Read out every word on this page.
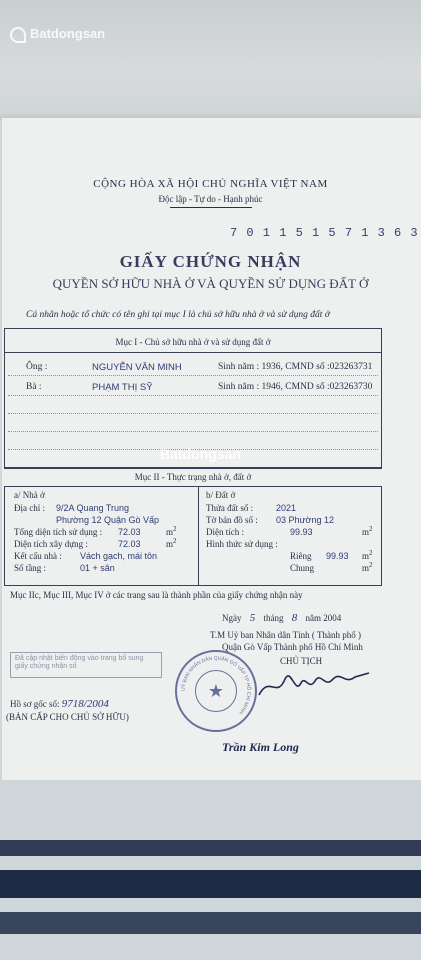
Batdongsan
CỘNG HÒA XÃ HỘI CHỦ NGHĨA VIỆT NAM
Độc lập - Tự do - Hạnh phúc
7 0 1 1 5 1 5 7 1 3 6 3
GIẤY CHỨNG NHẬN
QUYỀN SỞ HỮU NHÀ Ở VÀ QUYỀN SỬ DỤNG ĐẤT Ở
Cá nhân hoặc tổ chức có tên ghi tại mục I là chủ sở hữu nhà ở và sử dụng đất ở
Mục I - Chủ sở hữu nhà ở và sử dụng đất ở
Ông :	NGUYỄN VĂN MINH	Sinh năm : 1936, CMND số :023263731
Bà :	PHẠM THỊ SỸ	Sinh năm : 1946, CMND số :023263730
Batdongsan
Mục II - Thực trạng nhà ở, đất ở
a/ Nhà ở
Địa chỉ : 9/2A Quang Trung
Phường 12 Quận Gò Vấp
Tổng diện tích sử dụng : 72.03	$m^2$
Diện tích xây dựng :	72.03	$m^2$
Kết cấu nhà : Vách gạch, mái tôn
Số tầng :	01 + sân
b/ Đất ở
Thửa đất số :	2021
Tờ bản đồ số : 03 Phường 12
Diện tích :	99.93	$m^2$
Hình thức sử dụng :
Riêng 99.93 $m^2$
Chung	$m^2$
Mục IIc, Mục III, Mục IV ở các trang sau là thành phần của giấy chứng nhận này
Ngày 5 tháng 8 năm 2004
T.M Uỷ ban Nhân dân Tỉnh ( Thành phố )
Quận Gò Vấp Thành phố Hồ Chí Minh
CHỦ TỊCH
Đã cập nhật biến động vào trang bổ sung giấy chứng nhận số
★
UỶ BAN NHÂN DÂN QUẬN GÒ VẤP TP HỒ CHÍ MINH
Trần Kim Long
Hồ sơ gốc số: 9718/2004
(BẢN CẤP CHO CHỦ SỞ HỮU)
